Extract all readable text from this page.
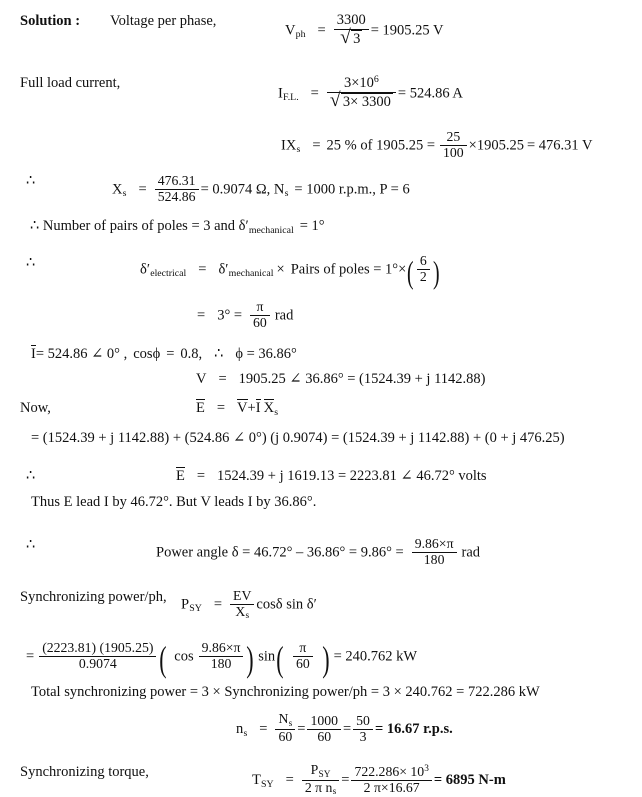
Solution : Voltage per phase,
$V_{ph} = \frac{3300}{√ 3} = 1905.25$ V
Full load current,
$I_{F.L.} = \frac{3\times 10^6}{√ 3\times 3300} = 524.86$ A
$IX_s = 25$ % of $1905.25 = \frac{25}{100} \times 1905.25 = 476.31$ V
∴
$X_s = \frac{476.31}{524.86} = 0.9074$ Ω, $N_s = 1000$ r.p.m., P = 6
∴ Number of pairs of poles = 3 and $\delta'_{mechanical} = 1^\circ$
∴	$\delta'_{electrical} = \delta'_{mechanical}$ × Pairs of poles = $1^\circ\times( \frac{6}{2}$ )
= $3^\circ = \frac{\pi}{60}$ rad
I= 524.86 ∠ 0° , cosϕ = 0.8, ∴ ϕ = 36.86°
V = 1905.25 ∠ 36.86° = (1524.39 + j 1142.88)
Now,	E = V+I $X_s$
= (1524.39 + j 1142.88) + (524.86 ∠ 0°) (j 0.9074) = (1524.39 + j 1142.88) + (0 + j 476.25)
∴	E = 1524.39 + j 1619.13 = 2223.81 ∠ 46.72° volts
Thus E lead I by 46.72°. But V leads I by 36.86°.
∴	Power angle $\delta = 46.72^\circ - 36.86^\circ = 9.86^\circ = \frac{9.86\times\pi}{180}$ rad
Synchronizing power/ph, $P_{SY} = \frac{EV}{X_s}$ cosδ sin δ′
= $\frac{(2223.81) (1905.25)}{0.9074}$ ( $\cos \frac{9.86\times\pi}{180}$ ) $\sin( \frac{\pi}{60}$ ) = 240.762 kW
Total synchronizing power = 3 × Synchronizing power/ph = 3 × 240.762 = 722.286 kW
$n_s = \frac{N_s}{60} = \frac{1000}{60} = \frac{50}{3} = 16.67$ r.p.s.
Synchronizing torque,
$T_{SY} = \frac{P_{SY}}{2 \pi n_s} = \frac{722.286\times 10^3}{2 \pi\times 16.67} = 6895$ N-m
